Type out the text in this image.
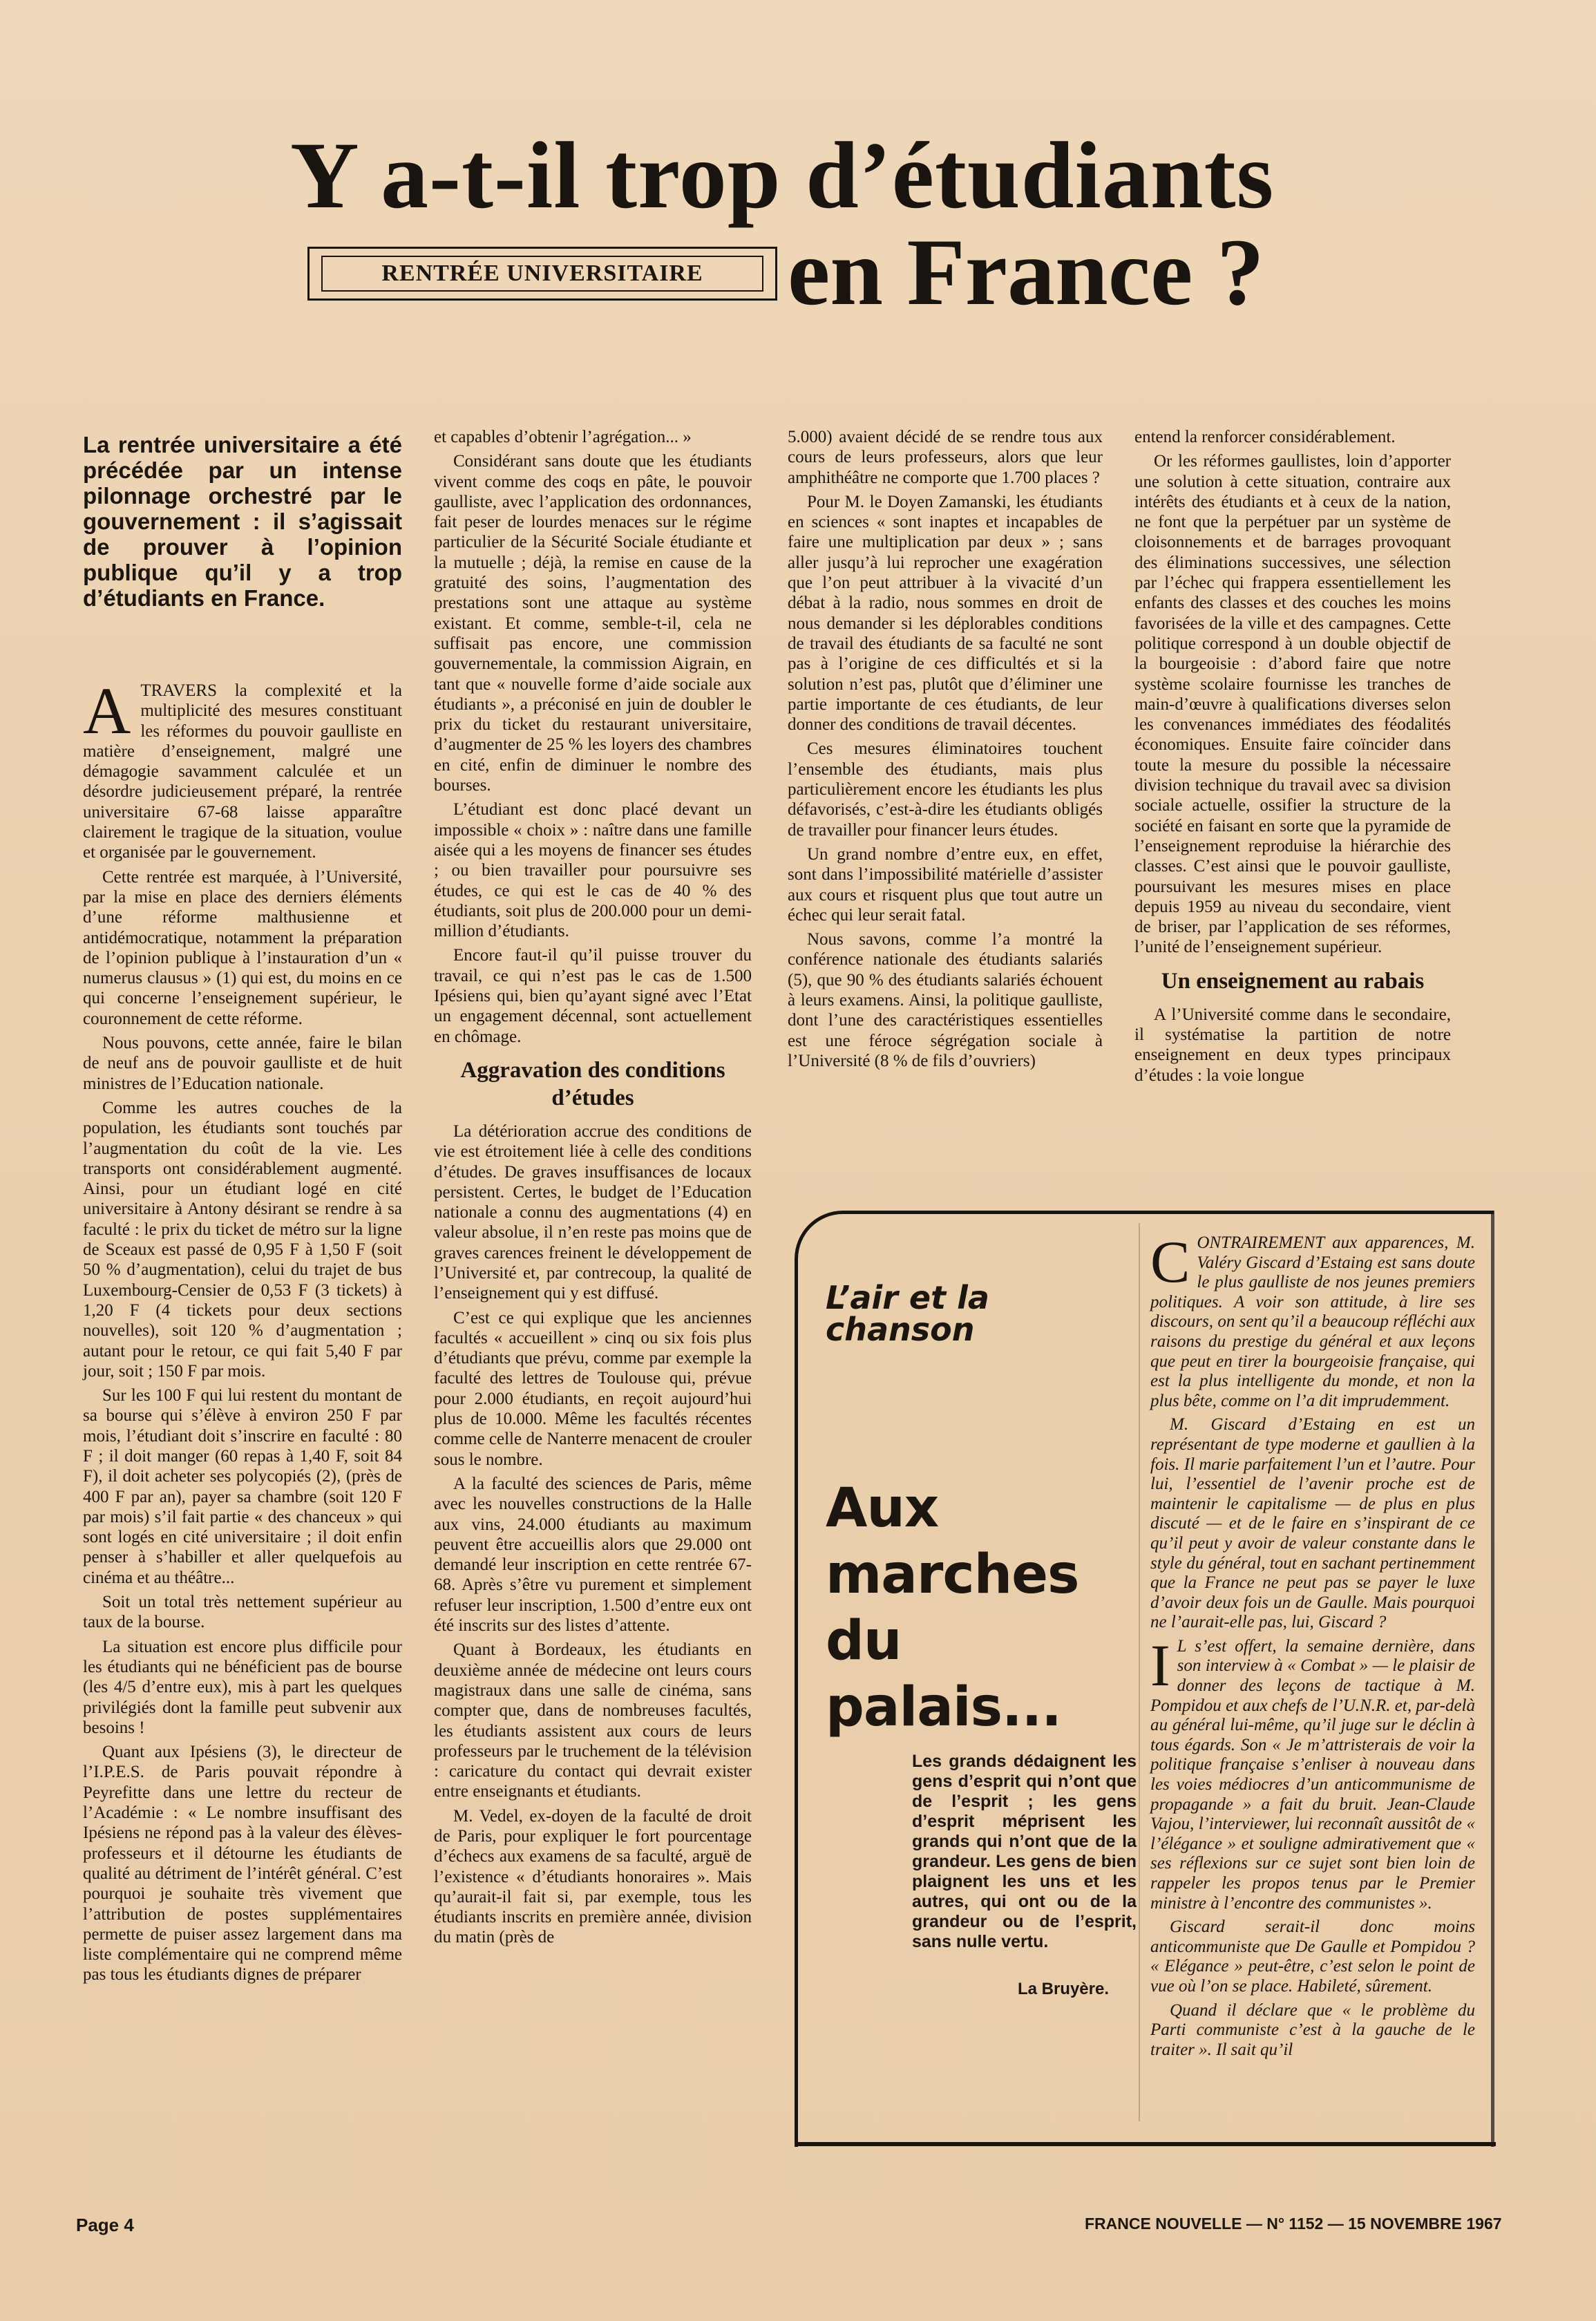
Y a-t-il trop d’étudiants
en France ?
RENTRÉE UNIVERSITAIRE
La rentrée universitaire a été précédée par un intense pilonnage orchestré par le gouvernement : il s’agissait de prouver à l’opinion publique qu’il y a trop d’étudiants en France.

ATRAVERS la complexité et la multiplicité des mesures constituant les réformes du pouvoir gaulliste en matière d’enseignement, malgré une démagogie savamment calculée et un désordre judicieusement préparé, la rentrée universitaire 67-68 laisse apparaître clairement le tragique de la situation, voulue et organisée par le gouvernement.

Cette rentrée est marquée, à l’Université, par la mise en place des derniers éléments d’une réforme malthusienne et antidémocratique, notamment la préparation de l’opinion publique à l’instauration d’un « numerus clausus » (1) qui est, du moins en ce qui concerne l’enseignement supérieur, le couronnement de cette réforme.

Nous pouvons, cette année, faire le bilan de neuf ans de pouvoir gaulliste et de huit ministres de l’Education nationale.

Comme les autres couches de la population, les étudiants sont touchés par l’augmentation du coût de la vie. Les transports ont considérablement augmenté. Ainsi, pour un étudiant logé en cité universitaire à Antony désirant se rendre à sa faculté : le prix du ticket de métro sur la ligne de Sceaux est passé de 0,95 F à 1,50 F (soit 50 % d’augmentation), celui du trajet de bus Luxembourg-Censier de 0,53 F (3 tickets) à 1,20 F (4 tickets pour deux sections nouvelles), soit 120 % d’augmentation ; autant pour le retour, ce qui fait 5,40 F par jour, soit ; 150 F par mois.

Sur les 100 F qui lui restent du montant de sa bourse qui s’élève à environ 250 F par mois, l’étudiant doit s’inscrire en faculté : 80 F ; il doit manger (60 repas à 1,40 F, soit 84 F), il doit acheter ses polycopiés (2), (près de 400 F par an), payer sa chambre (soit 120 F par mois) s’il fait partie « des chanceux » qui sont logés en cité universitaire ; il doit enfin penser à s’habiller et aller quelquefois au cinéma et au théâtre...

Soit un total très nettement supérieur au taux de la bourse.

La situation est encore plus difficile pour les étudiants qui ne bénéficient pas de bourse (les 4/5 d’entre eux), mis à part les quelques privilégiés dont la famille peut subvenir aux besoins !

Quant aux Ipésiens (3), le directeur de l’I.P.E.S. de Paris pouvait répondre à Peyrefitte dans une lettre du recteur de l’Académie : « Le nombre insuffisant des Ipésiens ne répond pas à la valeur des élèves-professeurs et il détourne les étudiants de qualité au détriment de l’intérêt général. C’est pourquoi je souhaite très vivement que l’attribution de postes supplémentaires permette de puiser assez largement dans ma liste complémentaire qui ne comprend même pas tous les étudiants dignes de préparer

et capables d’obtenir l’agrégation... »

Considérant sans doute que les étudiants vivent comme des coqs en pâte, le pouvoir gaulliste, avec l’application des ordonnances, fait peser de lourdes menaces sur le régime particulier de la Sécurité Sociale étudiante et la mutuelle ; déjà, la remise en cause de la gratuité des soins, l’augmentation des prestations sont une attaque au système existant. Et comme, semble-t-il, cela ne suffisait pas encore, une commission gouvernementale, la commission Aigrain, en tant que « nouvelle forme d’aide sociale aux étudiants », a préconisé en juin de doubler le prix du ticket du restaurant universitaire, d’augmenter de 25 % les loyers des chambres en cité, enfin de diminuer le nombre des bourses.

L’étudiant est donc placé devant un impossible « choix » : naître dans une famille aisée qui a les moyens de financer ses études ; ou bien travailler pour poursuivre ses études, ce qui est le cas de 40 % des étudiants, soit plus de 200.000 pour un demi-million d’étudiants.

Encore faut-il qu’il puisse trouver du travail, ce qui n’est pas le cas de 1.500 Ipésiens qui, bien qu’ayant signé avec l’Etat un engagement décennal, sont actuellement en chômage.

Aggravation des conditions d’études

La détérioration accrue des conditions de vie est étroitement liée à celle des conditions d’études. De graves insuffisances de locaux persistent. Certes, le budget de l’Education nationale a connu des augmentations (4) en valeur absolue, il n’en reste pas moins que de graves carences freinent le développement de l’Université et, par contrecoup, la qualité de l’enseignement qui y est diffusé.

C’est ce qui explique que les anciennes facultés « accueillent » cinq ou six fois plus d’étudiants que prévu, comme par exemple la faculté des lettres de Toulouse qui, prévue pour 2.000 étudiants, en reçoit aujourd’hui plus de 10.000. Même les facultés récentes comme celle de Nanterre menacent de crouler sous le nombre.

A la faculté des sciences de Paris, même avec les nouvelles constructions de la Halle aux vins, 24.000 étudiants au maximum peuvent être accueillis alors que 29.000 ont demandé leur inscription en cette rentrée 67-68. Après s’être vu purement et simplement refuser leur inscription, 1.500 d’entre eux ont été inscrits sur des listes d’attente.

Quant à Bordeaux, les étudiants en deuxième année de médecine ont leurs cours magistraux dans une salle de cinéma, sans compter que, dans de nombreuses facultés, les étudiants assistent aux cours de leurs professeurs par le truchement de la télévision : caricature du contact qui devrait exister entre enseignants et étudiants.

M. Vedel, ex-doyen de la faculté de droit de Paris, pour expliquer le fort pourcentage d’échecs aux examens de sa faculté, arguë de l’existence « d’étudiants honoraires ». Mais qu’aurait-il fait si, par exemple, tous les étudiants inscrits en première année, division du matin (près de

5.000) avaient décidé de se rendre tous aux cours de leurs professeurs, alors que leur amphithéâtre ne comporte que 1.700 places ?

Pour M. le Doyen Zamanski, les étudiants en sciences « sont inaptes et incapables de faire une multiplication par deux » ; sans aller jusqu’à lui reprocher une exagération que l’on peut attribuer à la vivacité d’un débat à la radio, nous sommes en droit de nous demander si les déplorables conditions de travail des étudiants de sa faculté ne sont pas à l’origine de ces difficultés et si la solution n’est pas, plutôt que d’éliminer une partie importante de ces étudiants, de leur donner des conditions de travail décentes.

Ces mesures éliminatoires touchent l’ensemble des étudiants, mais plus particulièrement encore les étudiants les plus défavorisés, c’est-à-dire les étudiants obligés de travailler pour financer leurs études.

Un grand nombre d’entre eux, en effet, sont dans l’impossibilité matérielle d’assister aux cours et risquent plus que tout autre un échec qui leur serait fatal.

Nous savons, comme l’a montré la conférence nationale des étudiants salariés (5), que 90 % des étudiants salariés échouent à leurs examens. Ainsi, la politique gaulliste, dont l’une des caractéristiques essentielles est une féroce ségrégation sociale à l’Université (8 % de fils d’ouvriers)

entend la renforcer considérablement.

Or les réformes gaullistes, loin d’apporter une solution à cette situation, contraire aux intérêts des étudiants et à ceux de la nation, ne font que la perpétuer par un système de cloisonnements et de barrages provoquant des éliminations successives, une sélection par l’échec qui frappera essentiellement les enfants des classes et des couches les moins favorisées de la ville et des campagnes. Cette politique correspond à un double objectif de la bourgeoisie : d’abord faire que notre système scolaire fournisse les tranches de main-d’œuvre à qualifications diverses selon les convenances immédiates des féodalités économiques. Ensuite faire coïncider dans toute la mesure du possible la nécessaire division technique du travail avec sa division sociale actuelle, ossifier la structure de la société en faisant en sorte que la pyramide de l’enseignement reproduise la hiérarchie des classes. C’est ainsi que le pouvoir gaulliste, poursuivant les mesures mises en place depuis 1959 au niveau du secondaire, vient de briser, par l’application de ses réformes, l’unité de l’enseignement supérieur.

Un enseignement au rabais

A l’Université comme dans le secondaire, il systématise la partition de notre enseignement en deux types principaux d’études : la voie longue

L’air et la chanson
Aux marches du palais...
Les grands dédaignent les gens d’esprit qui n’ont que de l’esprit ; les gens d’esprit méprisent les grands qui n’ont que de la grandeur. Les gens de bien plaignent les uns et les autres, qui ont ou de la grandeur ou de l’esprit, sans nulle vertu.
La Bruyère.

CONTRAIREMENT aux apparences, M. Valéry Giscard d’Estaing est sans doute le plus gaulliste de nos jeunes premiers politiques. A voir son attitude, à lire ses discours, on sent qu’il a beaucoup réfléchi aux raisons du prestige du général et aux leçons que peut en tirer la bourgeoisie française, qui est la plus intelligente du monde, et non la plus bête, comme on l’a dit imprudemment.

M. Giscard d’Estaing en est un représentant de type moderne et gaullien à la fois. Il marie parfaitement l’un et l’autre. Pour lui, l’essentiel de l’avenir proche est de maintenir le capitalisme — de plus en plus discuté — et de le faire en s’inspirant de ce qu’il peut y avoir de valeur constante dans le style du général, tout en sachant pertinemment que la France ne peut pas se payer le luxe d’avoir deux fois un de Gaulle. Mais pourquoi ne l’aurait-elle pas, lui, Giscard ?

I L s’est offert, la semaine dernière, dans son interview à « Combat » — le plaisir de donner des leçons de tactique à M. Pompidou et aux chefs de l’U.N.R. et, par-delà au général lui-même, qu’il juge sur le déclin à tous égards. Son « Je m’attristerais de voir la politique française s’enliser à nouveau dans les voies médiocres d’un anticommunisme de propagande » a fait du bruit. Jean-Claude Vajou, l’interviewer, lui reconnaît aussitôt de « l’élégance » et souligne admirativement que « ses réflexions sur ce sujet sont bien loin de rappeler les propos tenus par le Premier ministre à l’encontre des communistes ».

Giscard serait-il donc moins anticommuniste que De Gaulle et Pompidou ? « Elégance » peut-être, c’est selon le point de vue où l’on se place. Habileté, sûrement.

Quand il déclare que « le problème du Parti communiste c’est à la gauche de le traiter ». Il sait qu’il

Page 4	FRANCE NOUVELLE — N° 1152 — 15 NOVEMBRE 1967
